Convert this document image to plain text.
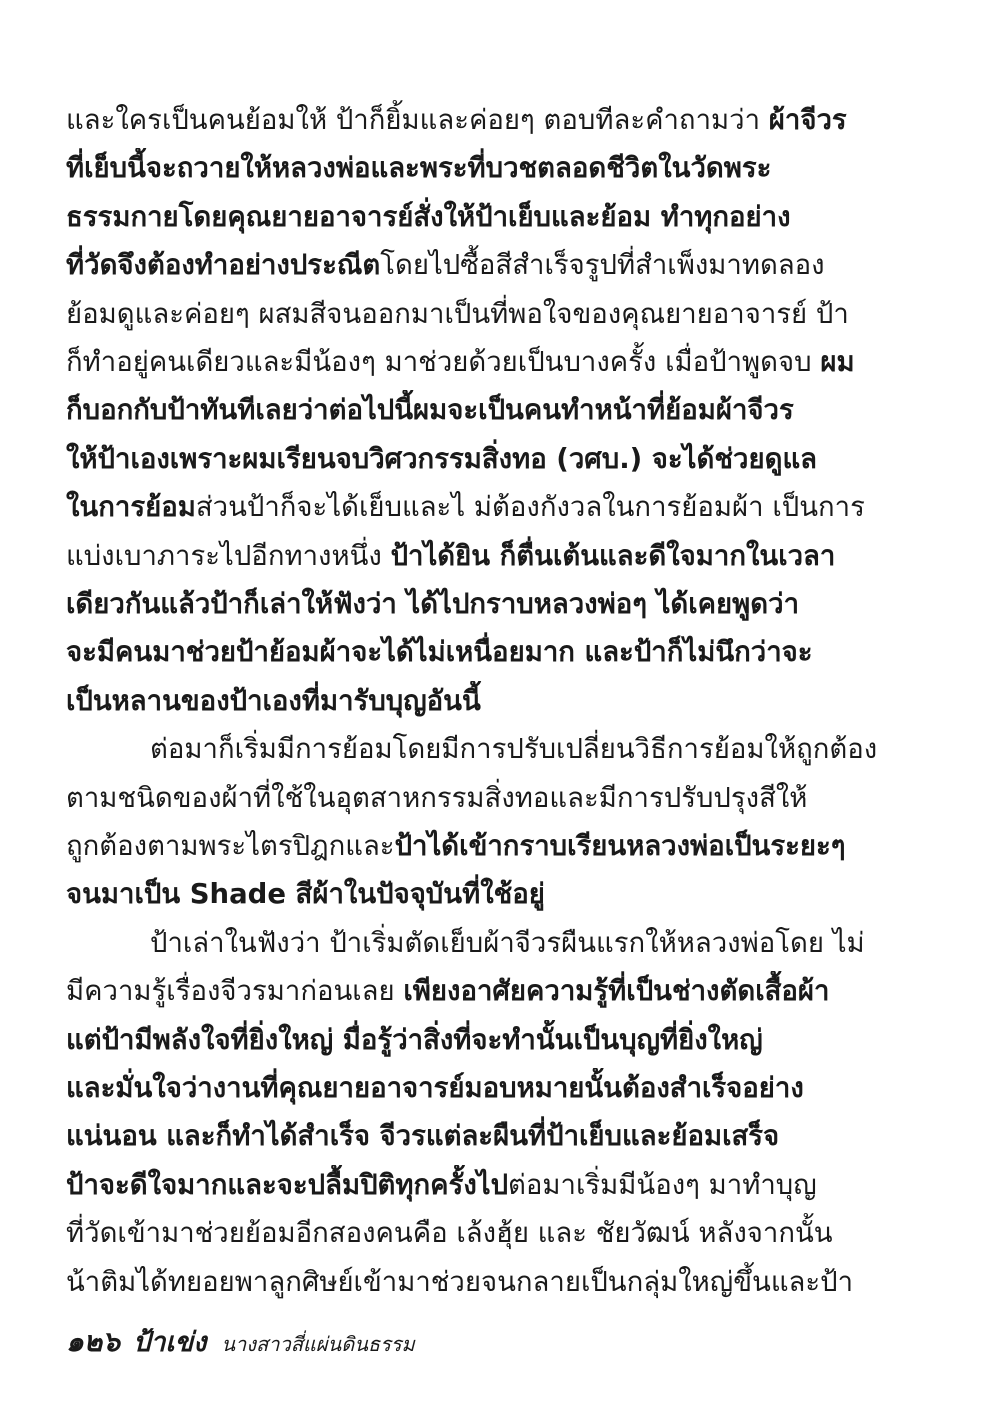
และใครเป็นคนย้อมให้ ป้าก็ยิ้มและค่อยๆ ตอบทีละคำถามว่า ผ้าจีวร
ที่เย็บนี้จะถวายให้หลวงพ่อและพระที่บวชตลอดชีวิตในวัดพระ
ธรรมกายโดยคุณยายอาจารย์สั่งให้ป้าเย็บและย้อม ทำทุกอย่าง
ที่วัดจึงต้องทำอย่างประณีตโดยไปซื้อสีสำเร็จรูปที่สำเพ็งมาทดลอง
ย้อมดูและค่อยๆ ผสมสีจนออกมาเป็นที่พอใจของคุณยายอาจารย์ ป้า
ก็ทำอยู่คนเดียวและมีน้องๆ มาช่วยด้วยเป็นบางครั้ง เมื่อป้าพูดจบ ผม
ก็บอกกับป้าทันทีเลยว่าต่อไปนี้ผมจะเป็นคนทำหน้าที่ย้อมผ้าจีวร
ให้ป้าเองเพราะผมเรียนจบวิศวกรรมสิ่งทอ (วศบ.) จะได้ช่วยดูแล
ในการย้อมส่วนป้าก็จะได้เย็บและไ ม่ต้องกังวลในการย้อมผ้า เป็นการ
แบ่งเบาภาระไปอีกทางหนึ่ง ป้าได้ยิน ก็ตื่นเต้นและดีใจมากในเวลา
เดียวกันแล้วป้าก็เล่าให้ฟังว่า ได้ไปกราบหลวงพ่อๆ ได้เคยพูดว่า
จะมีคนมาช่วยป้าย้อมผ้าจะได้ไม่เหนื่อยมาก และป้าก็ไม่นึกว่าจะ
เป็นหลานของป้าเองที่มารับบุญอันนี้
ต่อมาก็เริ่มมีการย้อมโดยมีการปรับเปลี่ยนวิธีการย้อมให้ถูกต้อง
ตามชนิดของผ้าที่ใช้ในอุตสาหกรรมสิ่งทอและมีการปรับปรุงสีให้
ถูกต้องตามพระไตรปิฎกและป้าได้เข้ากราบเรียนหลวงพ่อเป็นระยะๆ
จนมาเป็น Shade สีผ้าในปัจจุบันที่ใช้อยู่
ป้าเล่าในฟังว่า ป้าเริ่มตัดเย็บผ้าจีวรผืนแรกให้หลวงพ่อโดย ไม่
มีความรู้เรื่องจีวรมาก่อนเลย เพียงอาศัยความรู้ที่เป็นช่างตัดเสื้อผ้า
แต่ป้ามีพลังใจที่ยิ่งใหญ่ มื่อรู้ว่าสิ่งที่จะทำนั้นเป็นบุญที่ยิ่งใหญ่
และมั่นใจว่างานที่คุณยายอาจารย์มอบหมายนั้นต้องสำเร็จอย่าง
แน่นอน และก็ทำได้สำเร็จ จีวรแต่ละผืนที่ป้าเย็บและย้อมเสร็จ
ป้าจะดีใจมากและจะปลื้มปิติทุกครั้งไปต่อมาเริ่มมีน้องๆ มาทำบุญ
ที่วัดเข้ามาช่วยย้อมอีกสองคนคือ เล้งฮุ้ย และ ชัยวัฒน์ หลังจากนั้น
น้าติมได้ทยอยพาลูกศิษย์เข้ามาช่วยจนกลายเป็นกลุ่มใหญ่ขึ้นและป้า
๑๒๖ ป้าเข่ง นางสาวสี่แผ่นดินธรรม
